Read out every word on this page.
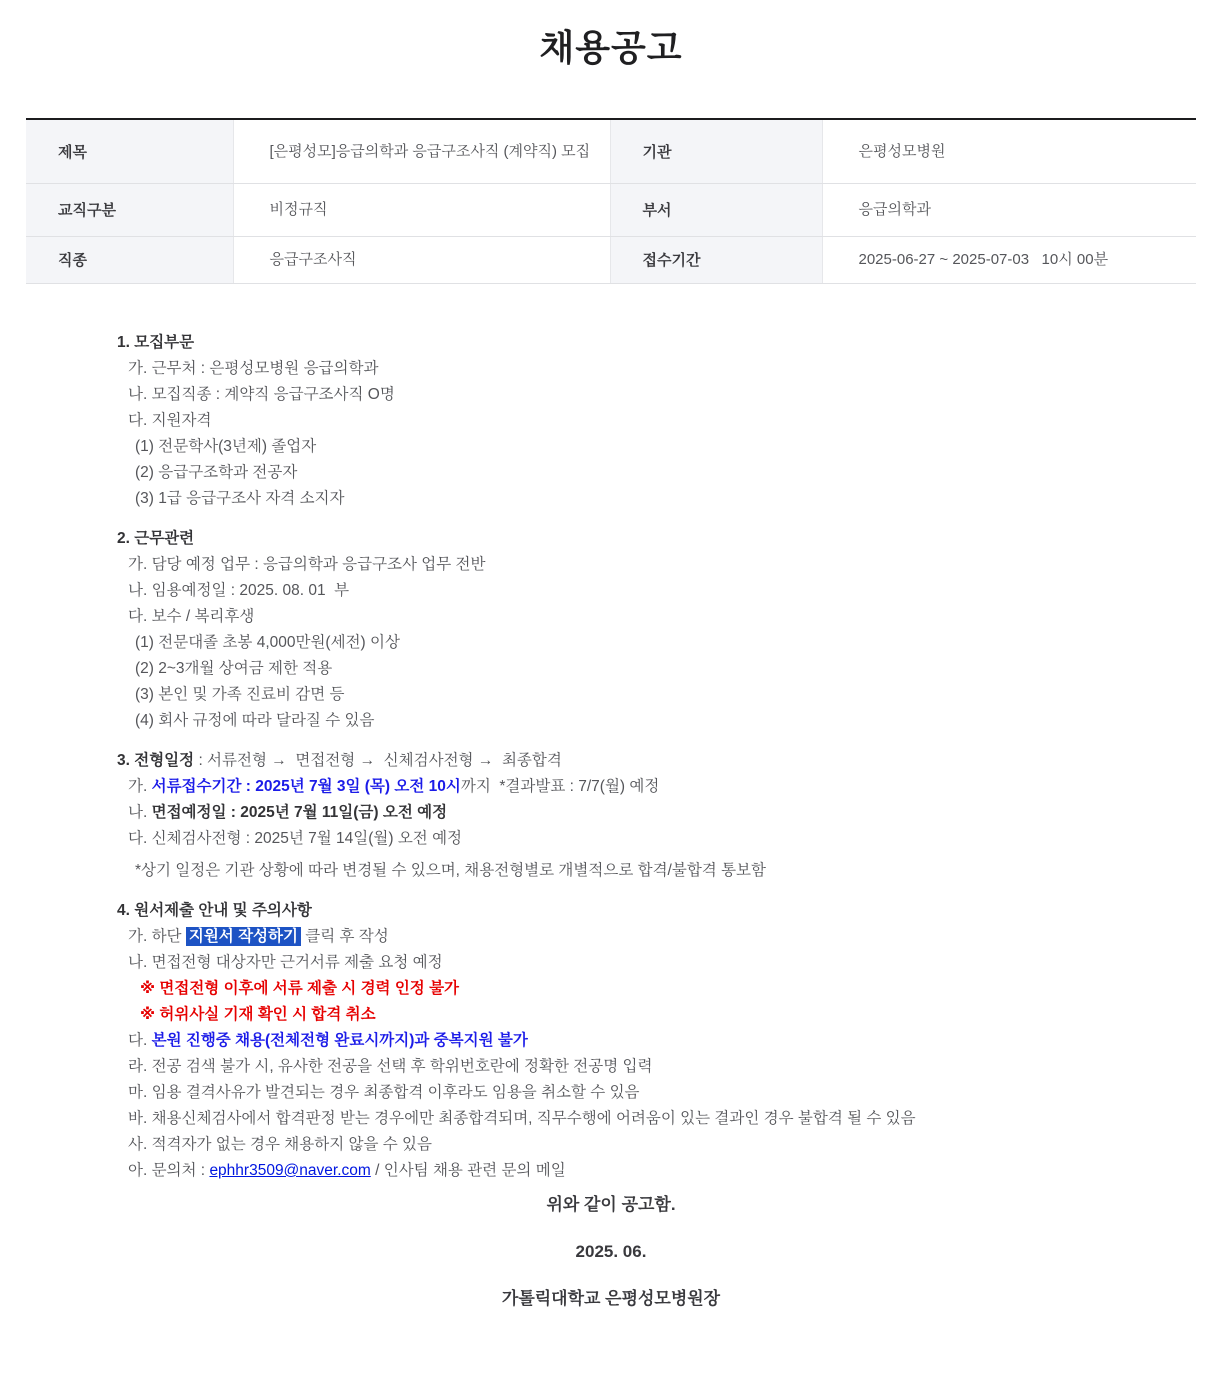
채용공고
제목	[은평성모]응급의학과 응급구조사직 (계약직) 모집	기관	은평성모병원
교직구분	비정규직	부서	응급의학과
직종	응급구조사직	접수기간	2025-06-27 ~ 2025-07-03   10시 00분
1. 모집부문
가. 근무처 : 은평성모병원 응급의학과
나. 모집직종 : 계약직 응급구조사직 O명
다. 지원자격
(1) 전문학사(3년제) 졸업자
(2) 응급구조학과 전공자
(3) 1급 응급구조사 자격 소지자
2. 근무관련
가. 담당 예정 업무 : 응급의학과 응급구조사 업무 전반
나. 임용예정일 : 2025. 08. 01  부
다. 보수 / 복리후생
(1) 전문대졸 초봉 4,000만원(세전) 이상
(2) 2~3개월 상여금 제한 적용
(3) 본인 및 가족 진료비 감면 등
(4) 회사 규정에 따라 달라질 수 있음
3. 전형일정 : 서류전형 →  면접전형 →  신체검사전형 →  최종합격
가. 서류접수기간 : 2025년 7월 3일 (목) 오전 10시까지  *결과발표 : 7/7(월) 예정
나. 면접예정일 : 2025년 7월 11일(금) 오전 예정
다. 신체검사전형 : 2025년 7월 14일(월) 오전 예정
*상기 일정은 기관 상황에 따라 변경될 수 있으며, 채용전형별로 개별적으로 합격/불합격 통보함
4. 원서제출 안내 및 주의사항
가. 하단 지원서 작성하기 클릭 후 작성
나. 면접전형 대상자만 근거서류 제출 요청 예정
※ 면접전형 이후에 서류 제출 시 경력 인정 불가
※ 허위사실 기재 확인 시 합격 취소
다. 본원 진행중 채용(전체전형 완료시까지)과 중복지원 불가
라. 전공 검색 불가 시, 유사한 전공을 선택 후 학위번호란에 정확한 전공명 입력
마. 임용 결격사유가 발견되는 경우 최종합격 이후라도 임용을 취소할 수 있음
바. 채용신체검사에서 합격판정 받는 경우에만 최종합격되며, 직무수행에 어려움이 있는 결과인 경우 불합격 될 수 있음
사. 적격자가 없는 경우 채용하지 않을 수 있음
아. 문의처 : ephhr3509@naver.com / 인사팀 채용 관련 문의 메일
위와 같이 공고함.
2025. 06.
가톨릭대학교 은평성모병원장
